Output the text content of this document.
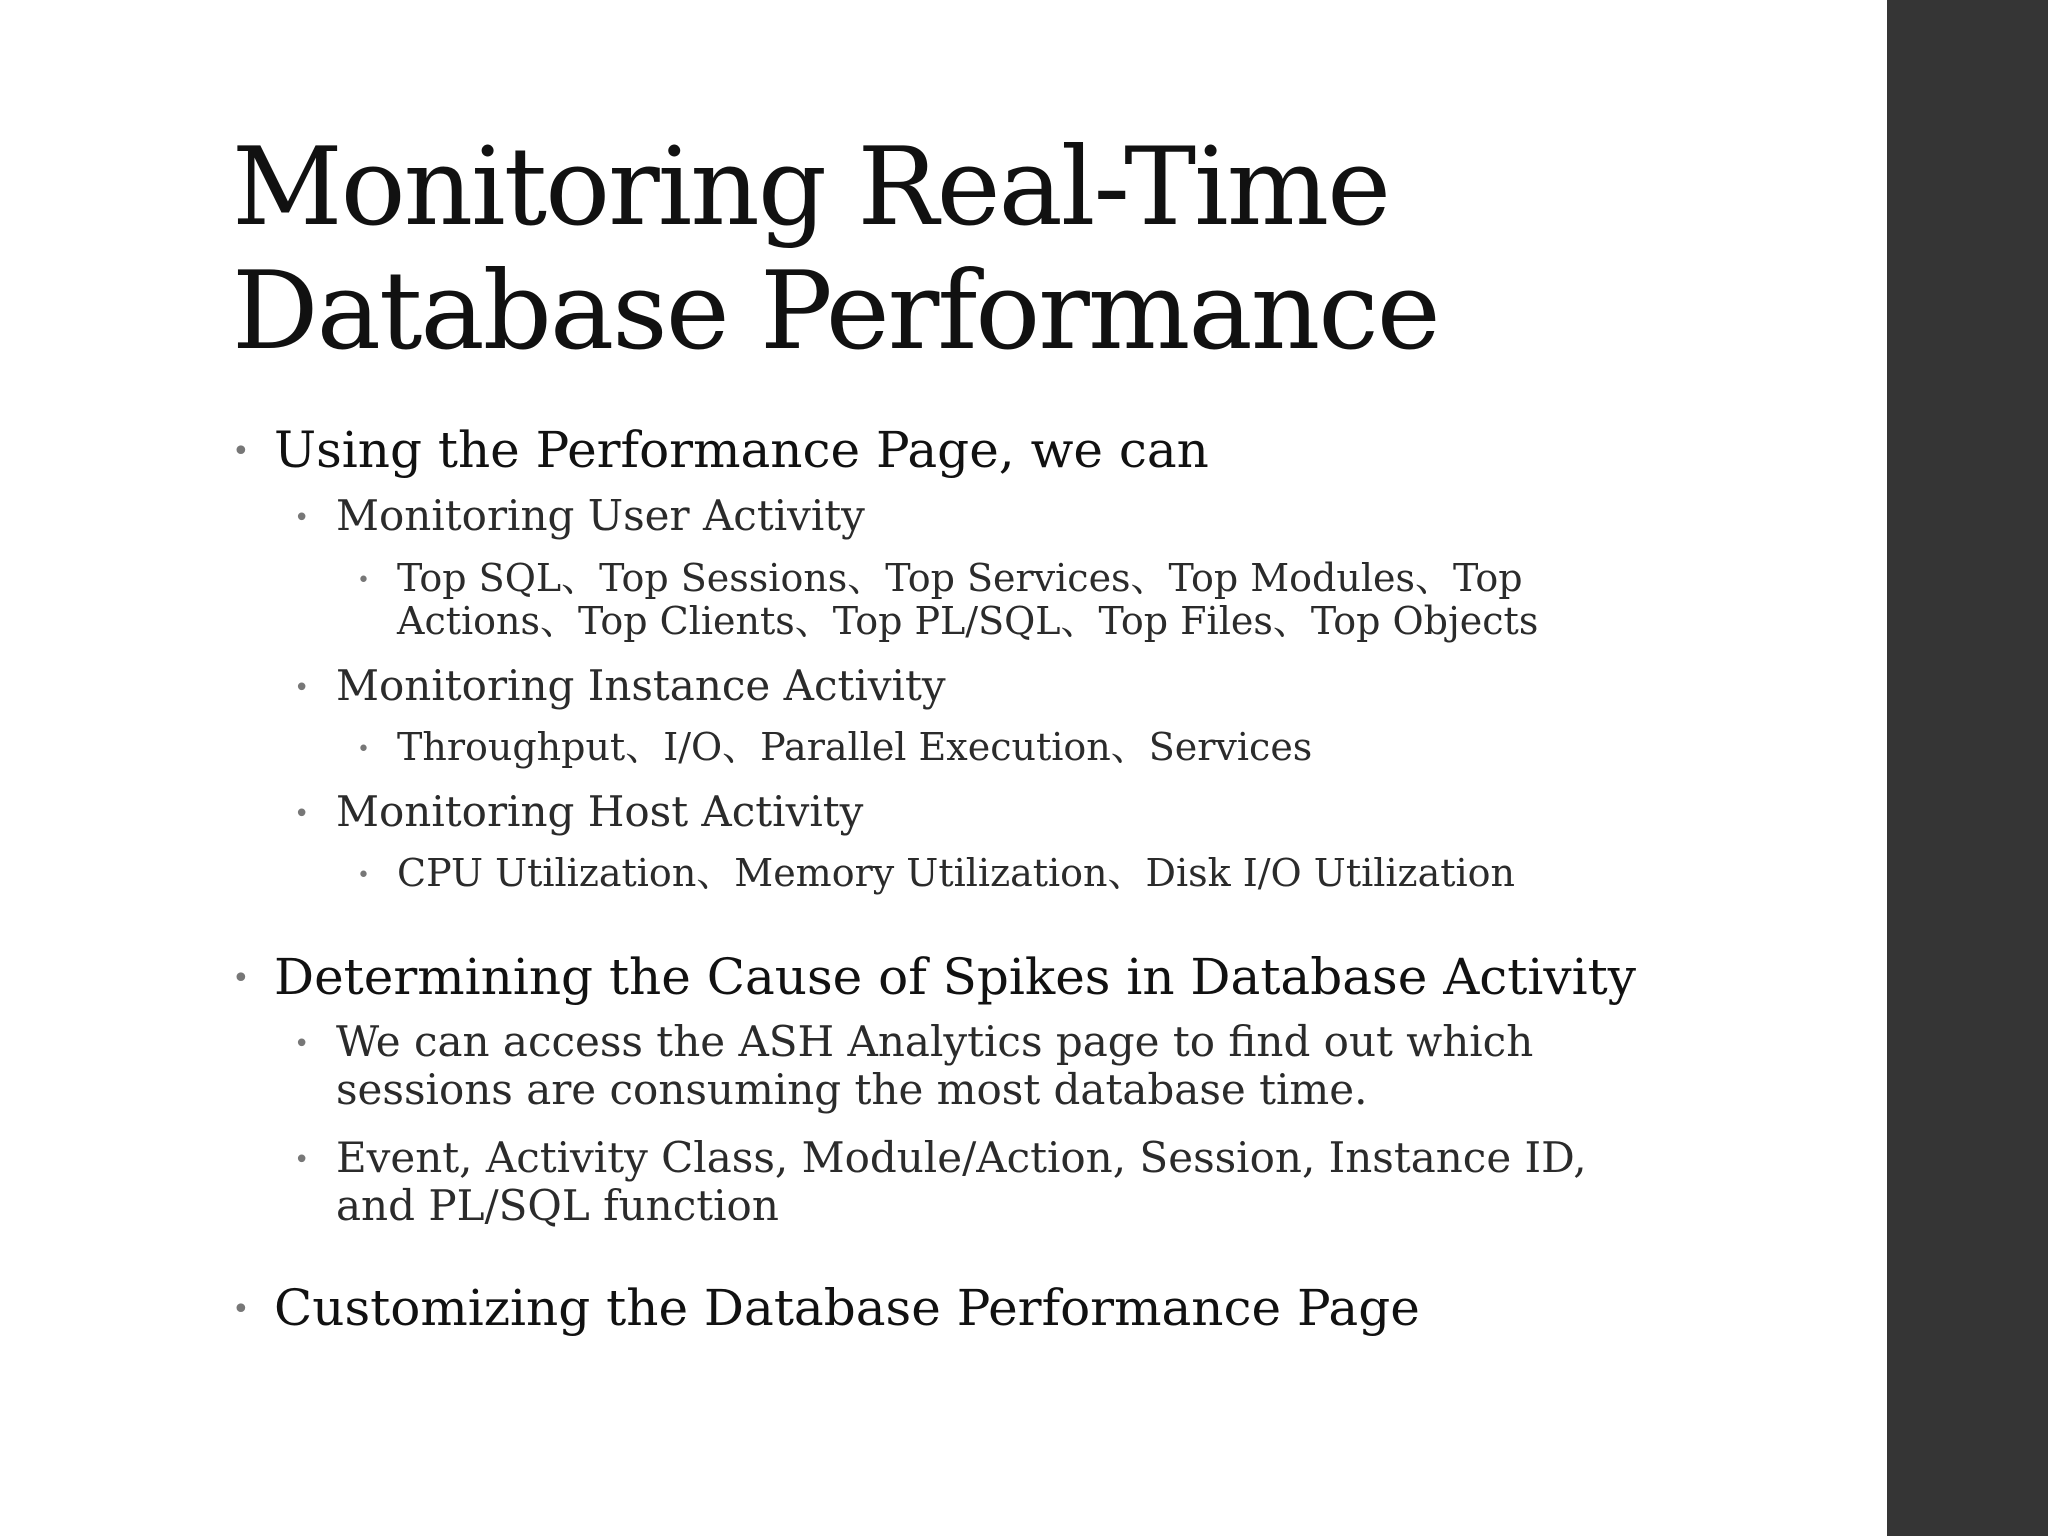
Monitoring Real-Time
Database Performance
• Using the Performance Page, we can
• Monitoring User Activity
• Top SQL、Top Sessions、Top Services、Top Modules、Top
Actions、Top Clients、Top PL/SQL、Top Files、Top Objects
• Monitoring Instance Activity
• Throughput、I/O、Parallel Execution、Services
• Monitoring Host Activity
• CPU Utilization、Memory Utilization、Disk I/O Utilization
• Determining the Cause of Spikes in Database Activity
• We can access the ASH Analytics page to find out which
sessions are consuming the most database time.
• Event, Activity Class, Module/Action, Session, Instance ID,
and PL/SQL function
• Customizing the Database Performance Page
